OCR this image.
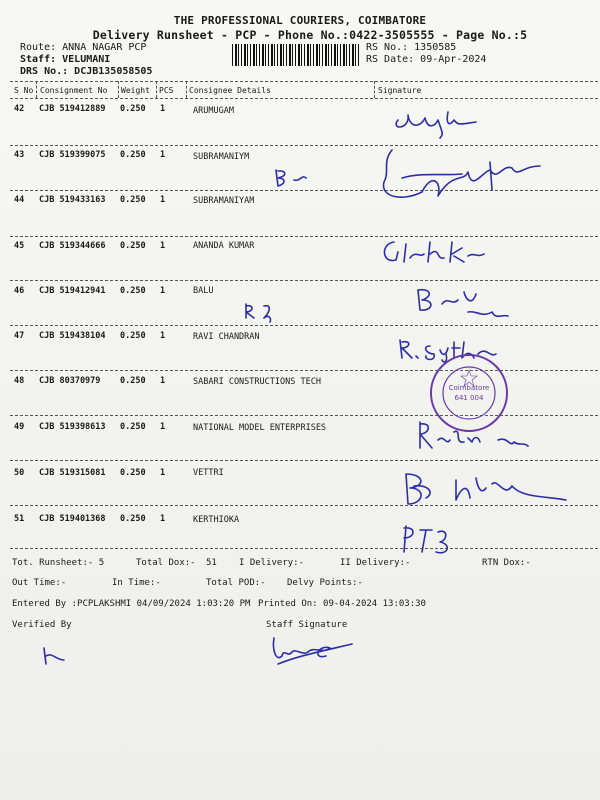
THE PROFESSIONAL COURIERS, COIMBATORE
Delivery Runsheet - PCP - Phone No.:0422-3505555 - Page No.:5
Route: ANNA NAGAR PCP
Staff: VELUMANI
DRS No.: DCJB135058505
RS No.: 1350585
RS Date: 09-Apr-2024
S No Consignment No Weight PCS Consignee Details	Signature
42 CJB 519412889 0.250 1	ARUMUGAM
43 CJB 519399075 0.250 1	SUBRAMANIYM
44 CJB 519433163 0.250 1	SUBRAMANIYAM
45 CJB 519344666 0.250 1	ANANDA KUMAR
46 CJB 519412941 0.250 1	BALU
47 CJB 519438104 0.250 1	RAVI CHANDRAN
48 CJB 80370979 0.250 1	SABARI CONSTRUCTIONS TECH
49 CJB 519398613 0.250 1	NATIONAL MODEL ENTERPRISES
50 CJB 519315081 0.250 1	VETTRI
51 CJB 519401368 0.250 1	KERTHIOKA
Tot. Runsheet:- 5	Total Dox:- 51 I Delivery:-	II Delivery:-	RTN Dox:-
Out Time:-	In Time:-	Total POD:- Delvy Points:-
Entered By :PCPLAKSHMI 04/09/2024 1:03:20 PM Printed On: 09-04-2024 13:03:30
Verified By	Staff Signature
Coimbatore
641 004
